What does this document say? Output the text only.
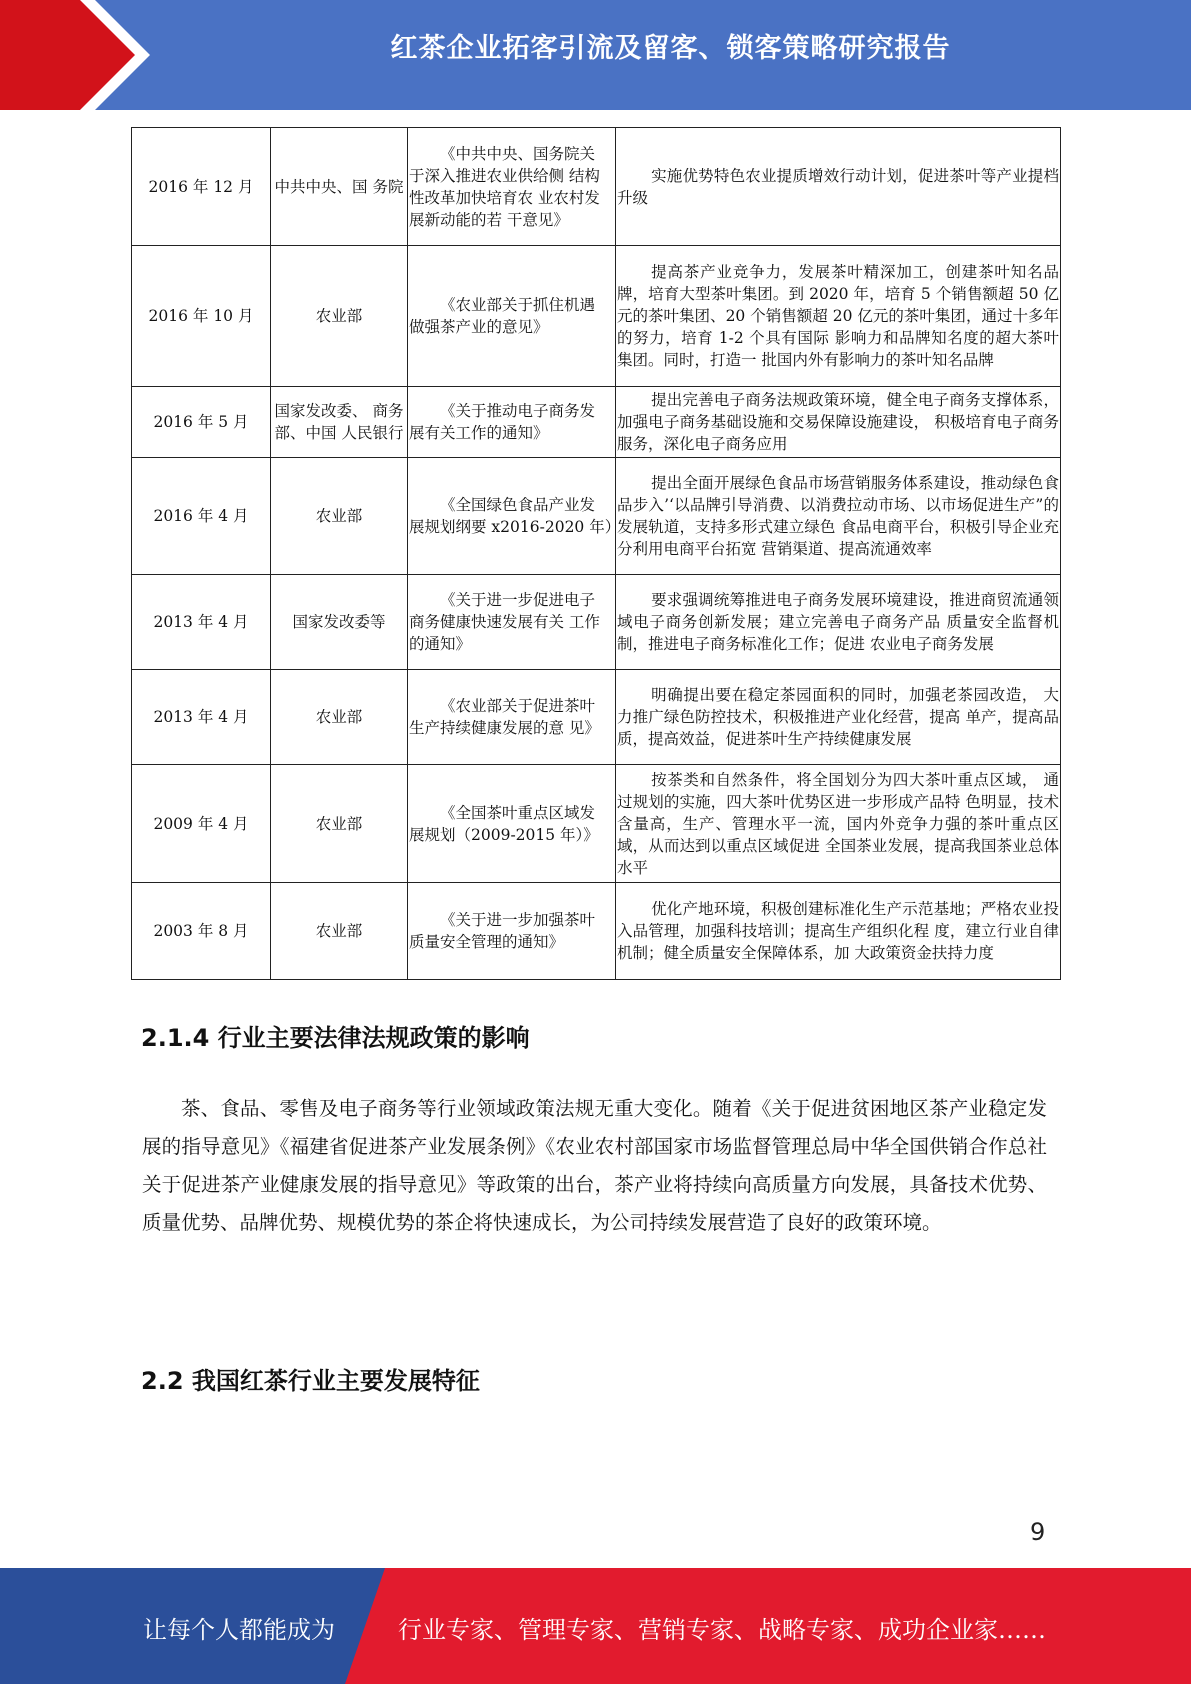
红茶企业拓客引流及留客、锁客策略研究报告
2016 年 12 月	中共中央、国 务院	《中共中央、国务院关 于深入推进农业供给侧 结构性改革加快培育农 业农村发展新动能的若 干意见》	实施优势特色农业提质增效行动计划，促进茶叶等产业提档升级
2016 年 10 月	农业部	《农业部关于抓住机遇 做强茶产业的意见》	提高茶产业竞争力，发展茶叶精深加工，创建茶叶知名品牌，培育大型茶叶集团。到 2020 年，培育 5 个销售额超 50 亿元的茶叶集团、20 个销售额超 20 亿元的茶叶集团，通过十多年的努力，培育 1-2 个具有国际 影响力和品牌知名度的超大茶叶集团。同时，打造一 批国内外有影响力的茶叶知名品牌
2016 年 5 月	国家发改委、 商务部、中国 人民银行	《关于推动电子商务发 展有关工作的通知》	提出完善电子商务法规政策环境，健全电子商务支撑体系，加强电子商务基础设施和交易保障设施建设， 积极培育电子商务服务，深化电子商务应用
2016 年 4 月	农业部	《全国绿色食品产业发 展规划纲要 x2016-2020 年）	提出全面开展绿色食品市场营销服务体系建设，推动绿色食品步入’‘以品牌引导消费、以消费拉动市场、以市场促进生产”的发展轨道，支持多形式建立绿色 食品电商平台，积极引导企业充分利用电商平台拓宽 营销渠道、提高流通效率
2013 年 4 月	国家发改委等	《关于进一步促进电子 商务健康快速发展有关 工作的通知》	要求强调统筹推进电子商务发展环境建设，推进商贸流通领域电子商务创新发展；建立完善电子商务产品 质量安全监督机制，推进电子商务标准化工作；促进 农业电子商务发展
2013 年 4 月	农业部	《农业部关于促进茶叶 生产持续健康发展的意 见》	明确提出要在稳定茶园面积的同时，加强老茶园改造， 大力推广绿色防控技术，积极推进产业化经营，提高 单产，提高品质，提高效益，促进茶叶生产持续健康发展
2009 年 4 月	农业部	《全国茶叶重点区域发 展规划（2009-2015 年）》	按茶类和自然条件，将全国划分为四大茶叶重点区域， 通过规划的实施，四大茶叶优势区进一步形成产品特 色明显，技术含量高，生产、管理水平一流，国内外竞争力强的茶叶重点区域，从而达到以重点区域促进 全国茶业发展，提高我国茶业总体水平
2003 年 8 月	农业部	《关于进一步加强茶叶 质量安全管理的通知》	优化产地环境，积极创建标准化生产示范基地；严格农业投入品管理，加强科技培训；提高生产组织化程 度，建立行业自律机制；健全质量安全保障体系，加 大政策资金扶持力度
2.1.4 行业主要法律法规政策的影响

茶、食品、零售及电子商务等行业领域政策法规无重大变化。随着《关于促进贫困地区茶产业稳定发展的指导意见》《福建省促进茶产业发展条例》《农业农村部国家市场监督管理总局中华全国供销合作总社关于促进茶产业健康发展的指导意见》等政策的出台，茶产业将持续向高质量方向发展，具备技术优势、质量优势、品牌优势、规模优势的茶企将快速成长，为公司持续发展营造了良好的政策环境。

2.2 我国红茶行业主要发展特征
9
让每个人都能成为	行业专家、管理专家、营销专家、战略专家、成功企业家……
